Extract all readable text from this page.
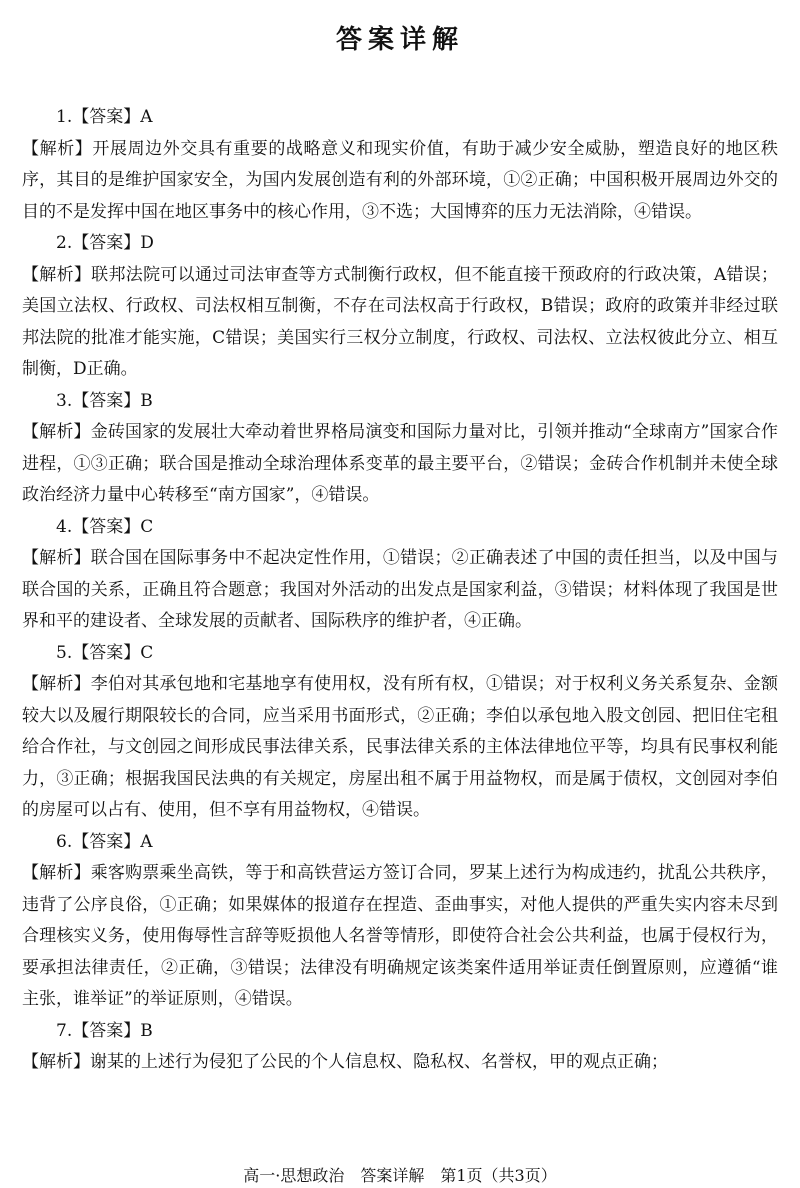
答案详解

1.【答案】A

【解析】开展周边外交具有重要的战略意义和现实价值，有助于减少安全威胁，塑造良好的地区秩序，其目的是维护国家安全，为国内发展创造有利的外部环境，①②正确；中国积极开展周边外交的目的不是发挥中国在地区事务中的核心作用，③不选；大国博弈的压力无法消除，④错误。

2.【答案】D

【解析】联邦法院可以通过司法审查等方式制衡行政权，但不能直接干预政府的行政决策，A错误；美国立法权、行政权、司法权相互制衡，不存在司法权高于行政权，B错误；政府的政策并非经过联邦法院的批准才能实施，C错误；美国实行三权分立制度，行政权、司法权、立法权彼此分立、相互制衡，D正确。

3.【答案】B

【解析】金砖国家的发展壮大牵动着世界格局演变和国际力量对比，引领并推动“全球南方”国家合作进程，①③正确；联合国是推动全球治理体系变革的最主要平台，②错误；金砖合作机制并未使全球政治经济力量中心转移至“南方国家”，④错误。

4.【答案】C

【解析】联合国在国际事务中不起决定性作用，①错误；②正确表述了中国的责任担当，以及中国与联合国的关系，正确且符合题意；我国对外活动的出发点是国家利益，③错误；材料体现了我国是世界和平的建设者、全球发展的贡献者、国际秩序的维护者，④正确。

5.【答案】C

【解析】李伯对其承包地和宅基地享有使用权，没有所有权，①错误；对于权利义务关系复杂、金额较大以及履行期限较长的合同，应当采用书面形式，②正确；李伯以承包地入股文创园、把旧住宅租给合作社，与文创园之间形成民事法律关系，民事法律关系的主体法律地位平等，均具有民事权利能力，③正确；根据我国民法典的有关规定，房屋出租不属于用益物权，而是属于债权，文创园对李伯的房屋可以占有、使用，但不享有用益物权，④错误。

6.【答案】A

【解析】乘客购票乘坐高铁，等于和高铁营运方签订合同，罗某上述行为构成违约，扰乱公共秩序，违背了公序良俗，①正确；如果媒体的报道存在捏造、歪曲事实，对他人提供的严重失实内容未尽到合理核实义务，使用侮辱性言辞等贬损他人名誉等情形，即使符合社会公共利益，也属于侵权行为，要承担法律责任，②正确，③错误；法律没有明确规定该类案件适用举证责任倒置原则，应遵循“谁主张，谁举证”的举证原则，④错误。

7.【答案】B

【解析】谢某的上述行为侵犯了公民的个人信息权、隐私权、名誉权，甲的观点正确；

高一·思想政治　答案详解　第1页（共3页）
